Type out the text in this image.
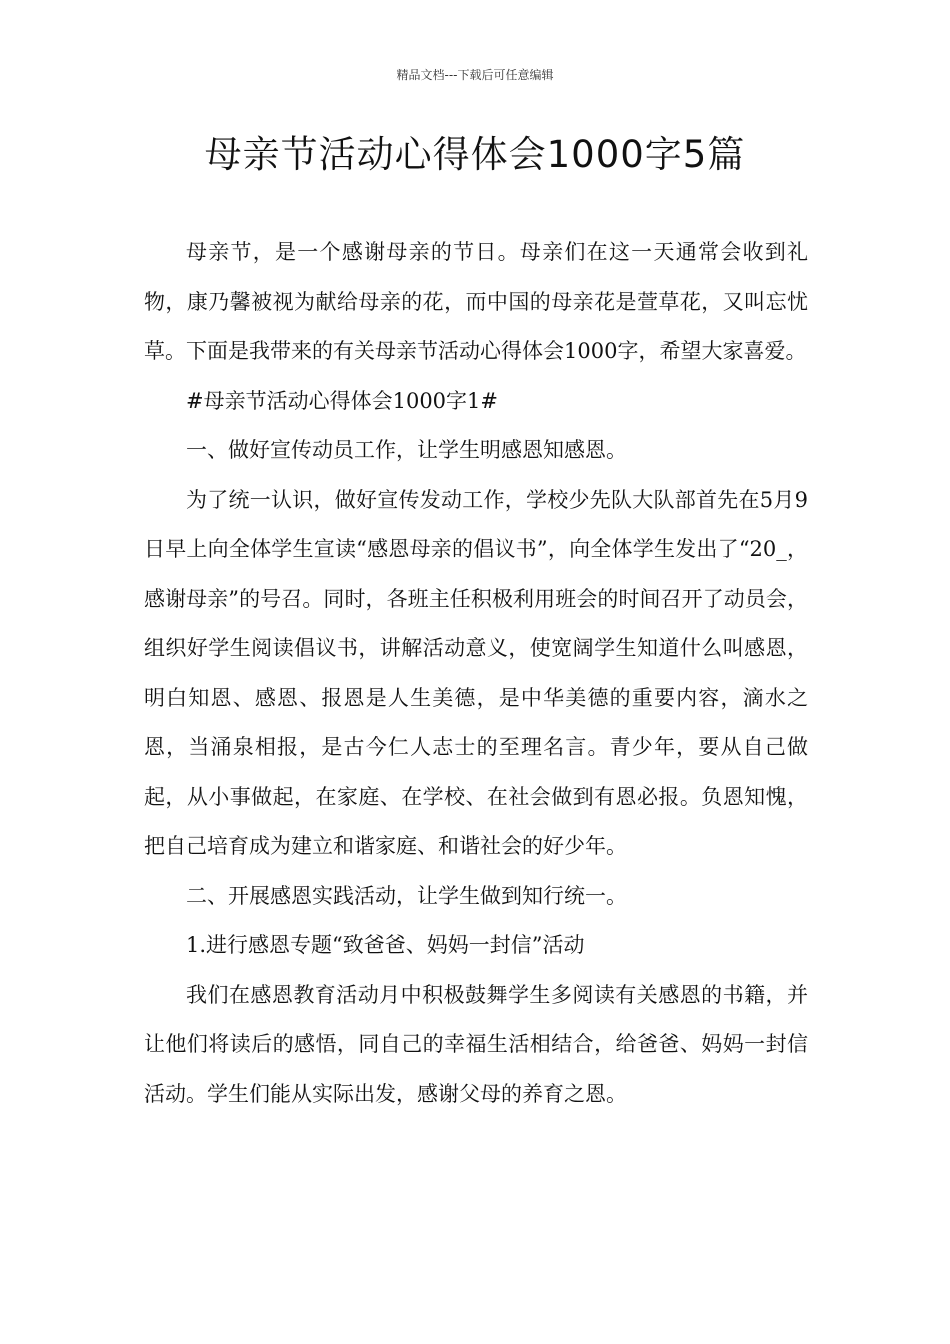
精品文档---下载后可任意编辑
母亲节活动心得体会1000字5篇

母亲节，是一个感谢母亲的节日。母亲们在这一天通常会收到礼物，康乃馨被视为献给母亲的花，而中国的母亲花是萱草花，又叫忘忧草。下面是我带来的有关母亲节活动心得体会1000字，希望大家喜爱。

#母亲节活动心得体会1000字1#

一、做好宣传动员工作，让学生明感恩知感恩。

为了统一认识，做好宣传发动工作，学校少先队大队部首先在5月9日早上向全体学生宣读“感恩母亲的倡议书”，向全体学生发出了“20_，感谢母亲”的号召。同时，各班主任积极利用班会的时间召开了动员会，组织好学生阅读倡议书，讲解活动意义，使宽阔学生知道什么叫感恩，明白知恩、感恩、报恩是人生美德，是中华美德的重要内容，滴水之恩，当涌泉相报，是古今仁人志士的至理名言。青少年，要从自己做起，从小事做起，在家庭、在学校、在社会做到有恩必报。负恩知愧，把自己培育成为建立和谐家庭、和谐社会的好少年。

二、开展感恩实践活动，让学生做到知行统一。

1.进行感恩专题“致爸爸、妈妈一封信”活动

我们在感恩教育活动月中积极鼓舞学生多阅读有关感恩的书籍，并让他们将读后的感悟，同自己的幸福生活相结合，给爸爸、妈妈一封信活动。学生们能从实际出发，感谢父母的养育之恩。
